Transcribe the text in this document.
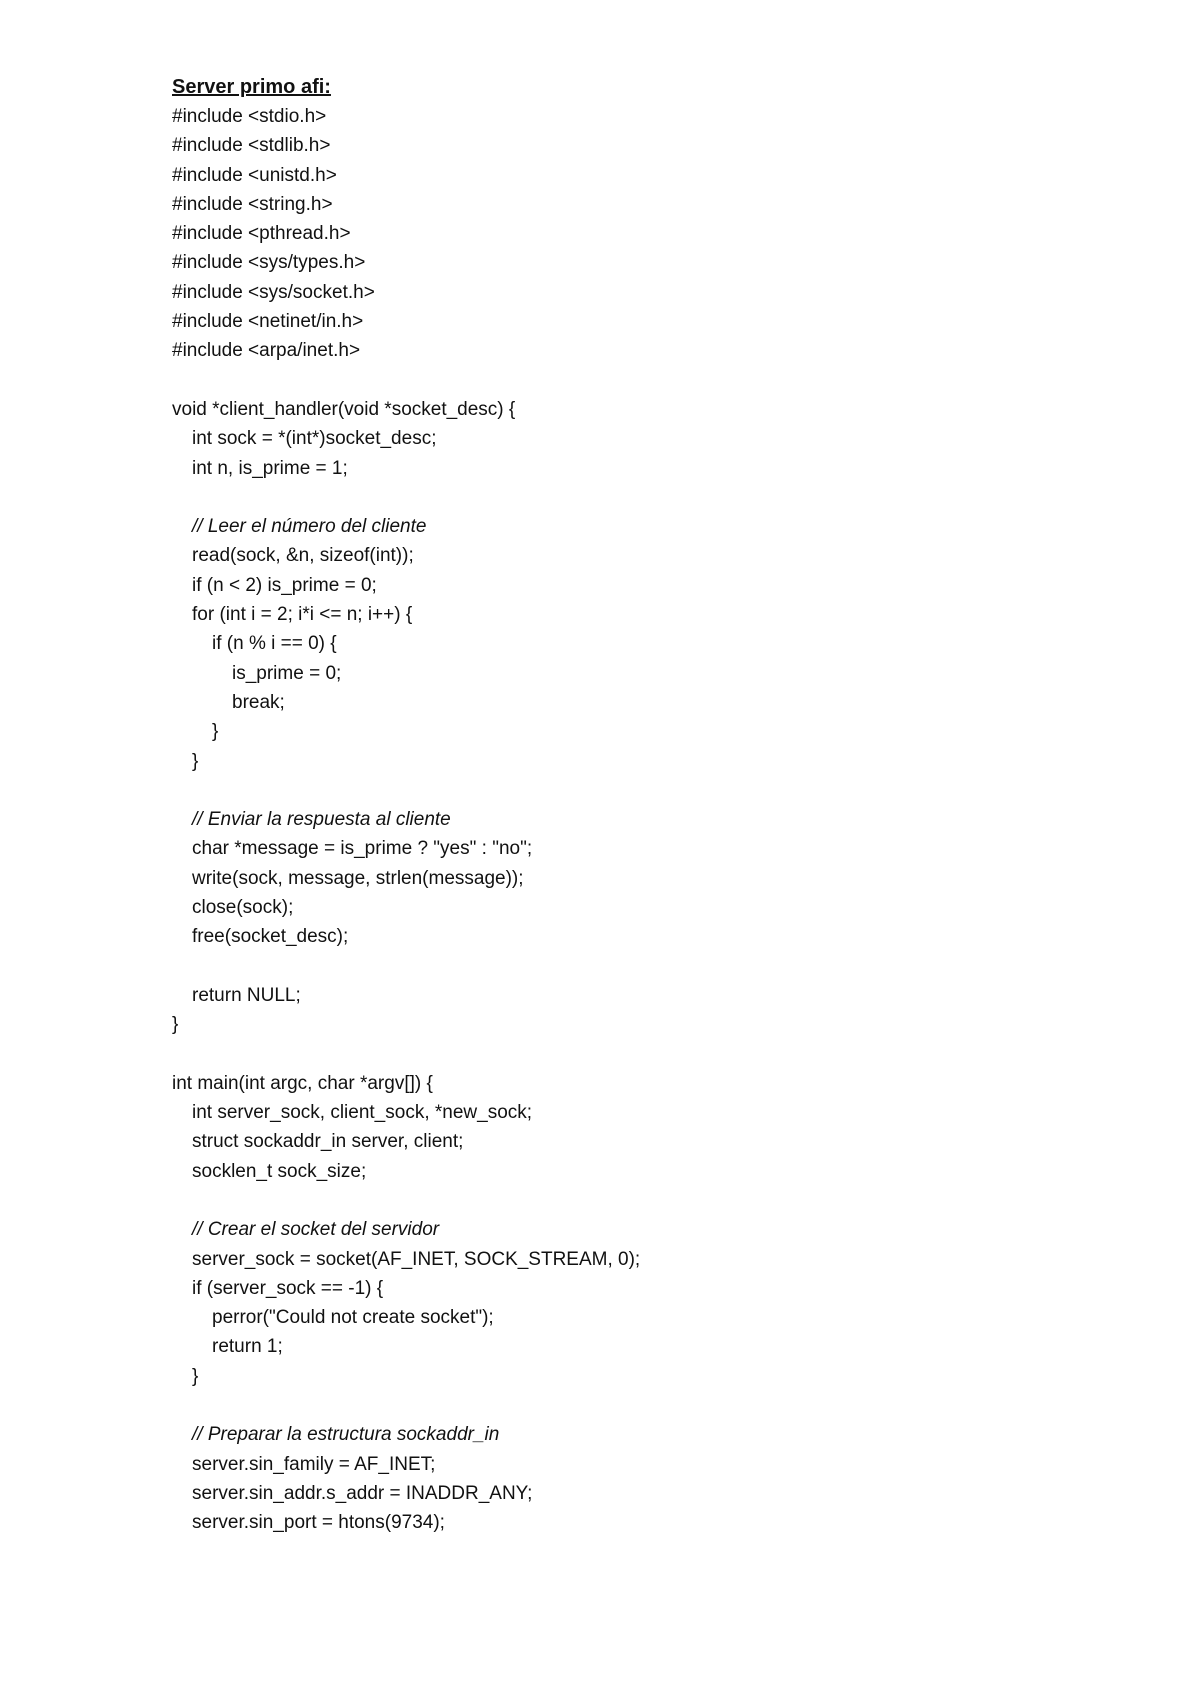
Server primo afi:

#include <stdio.h>
#include <stdlib.h>
#include <unistd.h>
#include <string.h>
#include <pthread.h>
#include <sys/types.h>
#include <sys/socket.h>
#include <netinet/in.h>
#include <arpa/inet.h>
void *client_handler(void *socket_desc) {
int sock = *(int*)socket_desc;
int n, is_prime = 1;
// Leer el número del cliente
read(sock, &n, sizeof(int));
if (n < 2) is_prime = 0;
for (int i = 2; i*i <= n; i++) {
if (n % i == 0) {
is_prime = 0;
break;
}
}
// Enviar la respuesta al cliente
char *message = is_prime ? "yes" : "no";
write(sock, message, strlen(message));
close(sock);
free(socket_desc);
return NULL;
}
int main(int argc, char *argv[]) {
int server_sock, client_sock, *new_sock;
struct sockaddr_in server, client;
socklen_t sock_size;
// Crear el socket del servidor
server_sock = socket(AF_INET, SOCK_STREAM, 0);
if (server_sock == -1) {
perror("Could not create socket");
return 1;
}
// Preparar la estructura sockaddr_in
server.sin_family = AF_INET;
server.sin_addr.s_addr = INADDR_ANY;
server.sin_port = htons(9734);
